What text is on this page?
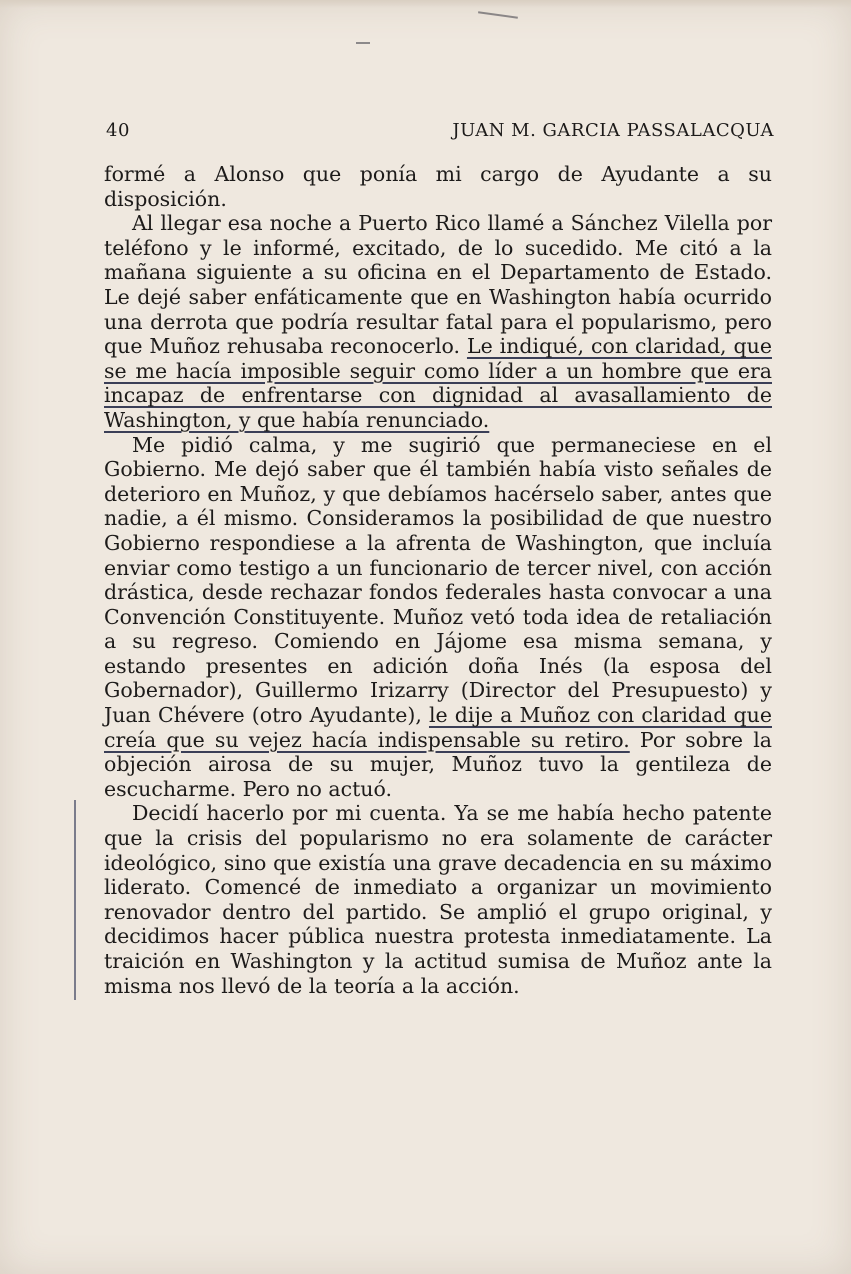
40	JUAN M. GARCIA PASSALACQUA

formé a Alonso que ponía mi cargo de Ayudante a su disposición.

Al llegar esa noche a Puerto Rico llamé a Sánchez Vilella por teléfono y le informé, excitado, de lo sucedido. Me citó a la mañana siguiente a su oficina en el Departamento de Estado. Le dejé saber enfáticamente que en Washington había ocurrido una derrota que podría resultar fatal para el popularismo, pero que Muñoz rehusaba reconocerlo. Le indiqué, con claridad, que se me hacía imposible seguir como líder a un hombre que era incapaz de enfrentarse con dignidad al avasallamiento de Washington, y que había renunciado.

Me pidió calma, y me sugirió que permaneciese en el Gobierno. Me dejó saber que él también había visto señales de deterioro en Muñoz, y que debíamos hacérselo saber, antes que nadie, a él mismo. Consideramos la posibilidad de que nuestro Gobierno respondiese a la afrenta de Washington, que incluía enviar como testigo a un funcionario de tercer nivel, con acción drástica, desde rechazar fondos federales hasta convocar a una Convención Constituyente. Muñoz vetó toda idea de retaliación a su regreso. Comiendo en Jájome esa misma semana, y estando presentes en adición doña Inés (la esposa del Gobernador), Guillermo Irizarry (Director del Presupuesto) y Juan Chévere (otro Ayudante), le dije a Muñoz con claridad que creía que su vejez hacía indispensable su retiro. Por sobre la objeción airosa de su mujer, Muñoz tuvo la gentileza de escucharme. Pero no actuó.

Decidí hacerlo por mi cuenta. Ya se me había hecho patente que la crisis del popularismo no era solamente de carácter ideológico, sino que existía una grave decadencia en su máximo liderato. Comencé de inmediato a organizar un movimiento renovador dentro del partido. Se amplió el grupo original, y decidimos hacer pública nuestra protesta inmediatamente. La traición en Washington y la actitud sumisa de Muñoz ante la misma nos llevó de la teoría a la acción.
